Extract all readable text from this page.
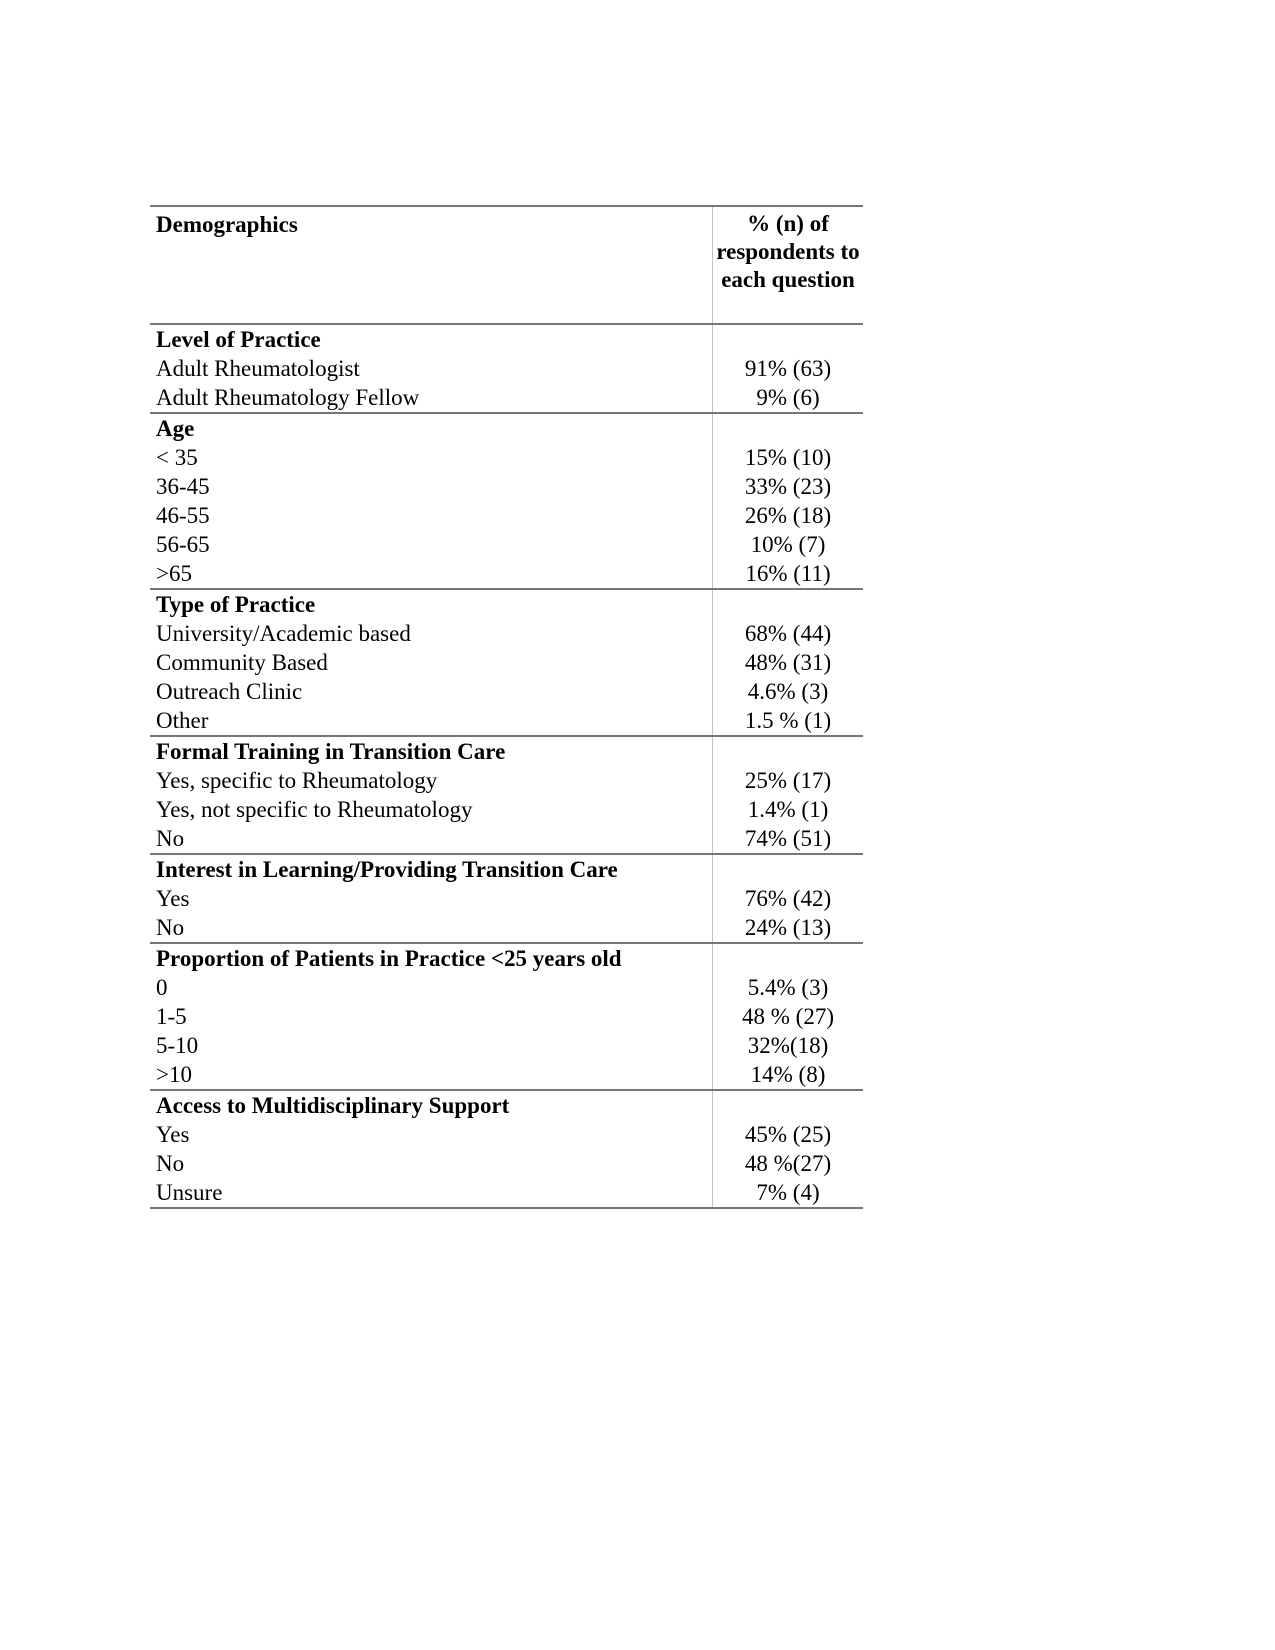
Demographics	% (n) of respondents to each question
Level of Practice
Adult Rheumatologist	91% (63)
Adult Rheumatology Fellow	9% (6)
Age
< 35	15% (10)
36-45	33% (23)
46-55	26% (18)
56-65	10% (7)
>65	16% (11)
Type of Practice
University/Academic based	68% (44)
Community Based	48% (31)
Outreach Clinic	4.6% (3)
Other	1.5 % (1)
Formal Training in Transition Care
Yes, specific to Rheumatology	25% (17)
Yes, not specific to Rheumatology	1.4% (1)
No	74% (51)
Interest in Learning/Providing Transition Care
Yes	76% (42)
No	24% (13)
Proportion of Patients in Practice <25 years old
0	5.4% (3)
1-5	48 % (27)
5-10	32%(18)
>10	14% (8)
Access to Multidisciplinary Support
Yes	45% (25)
No	48 %(27)
Unsure	7% (4)
